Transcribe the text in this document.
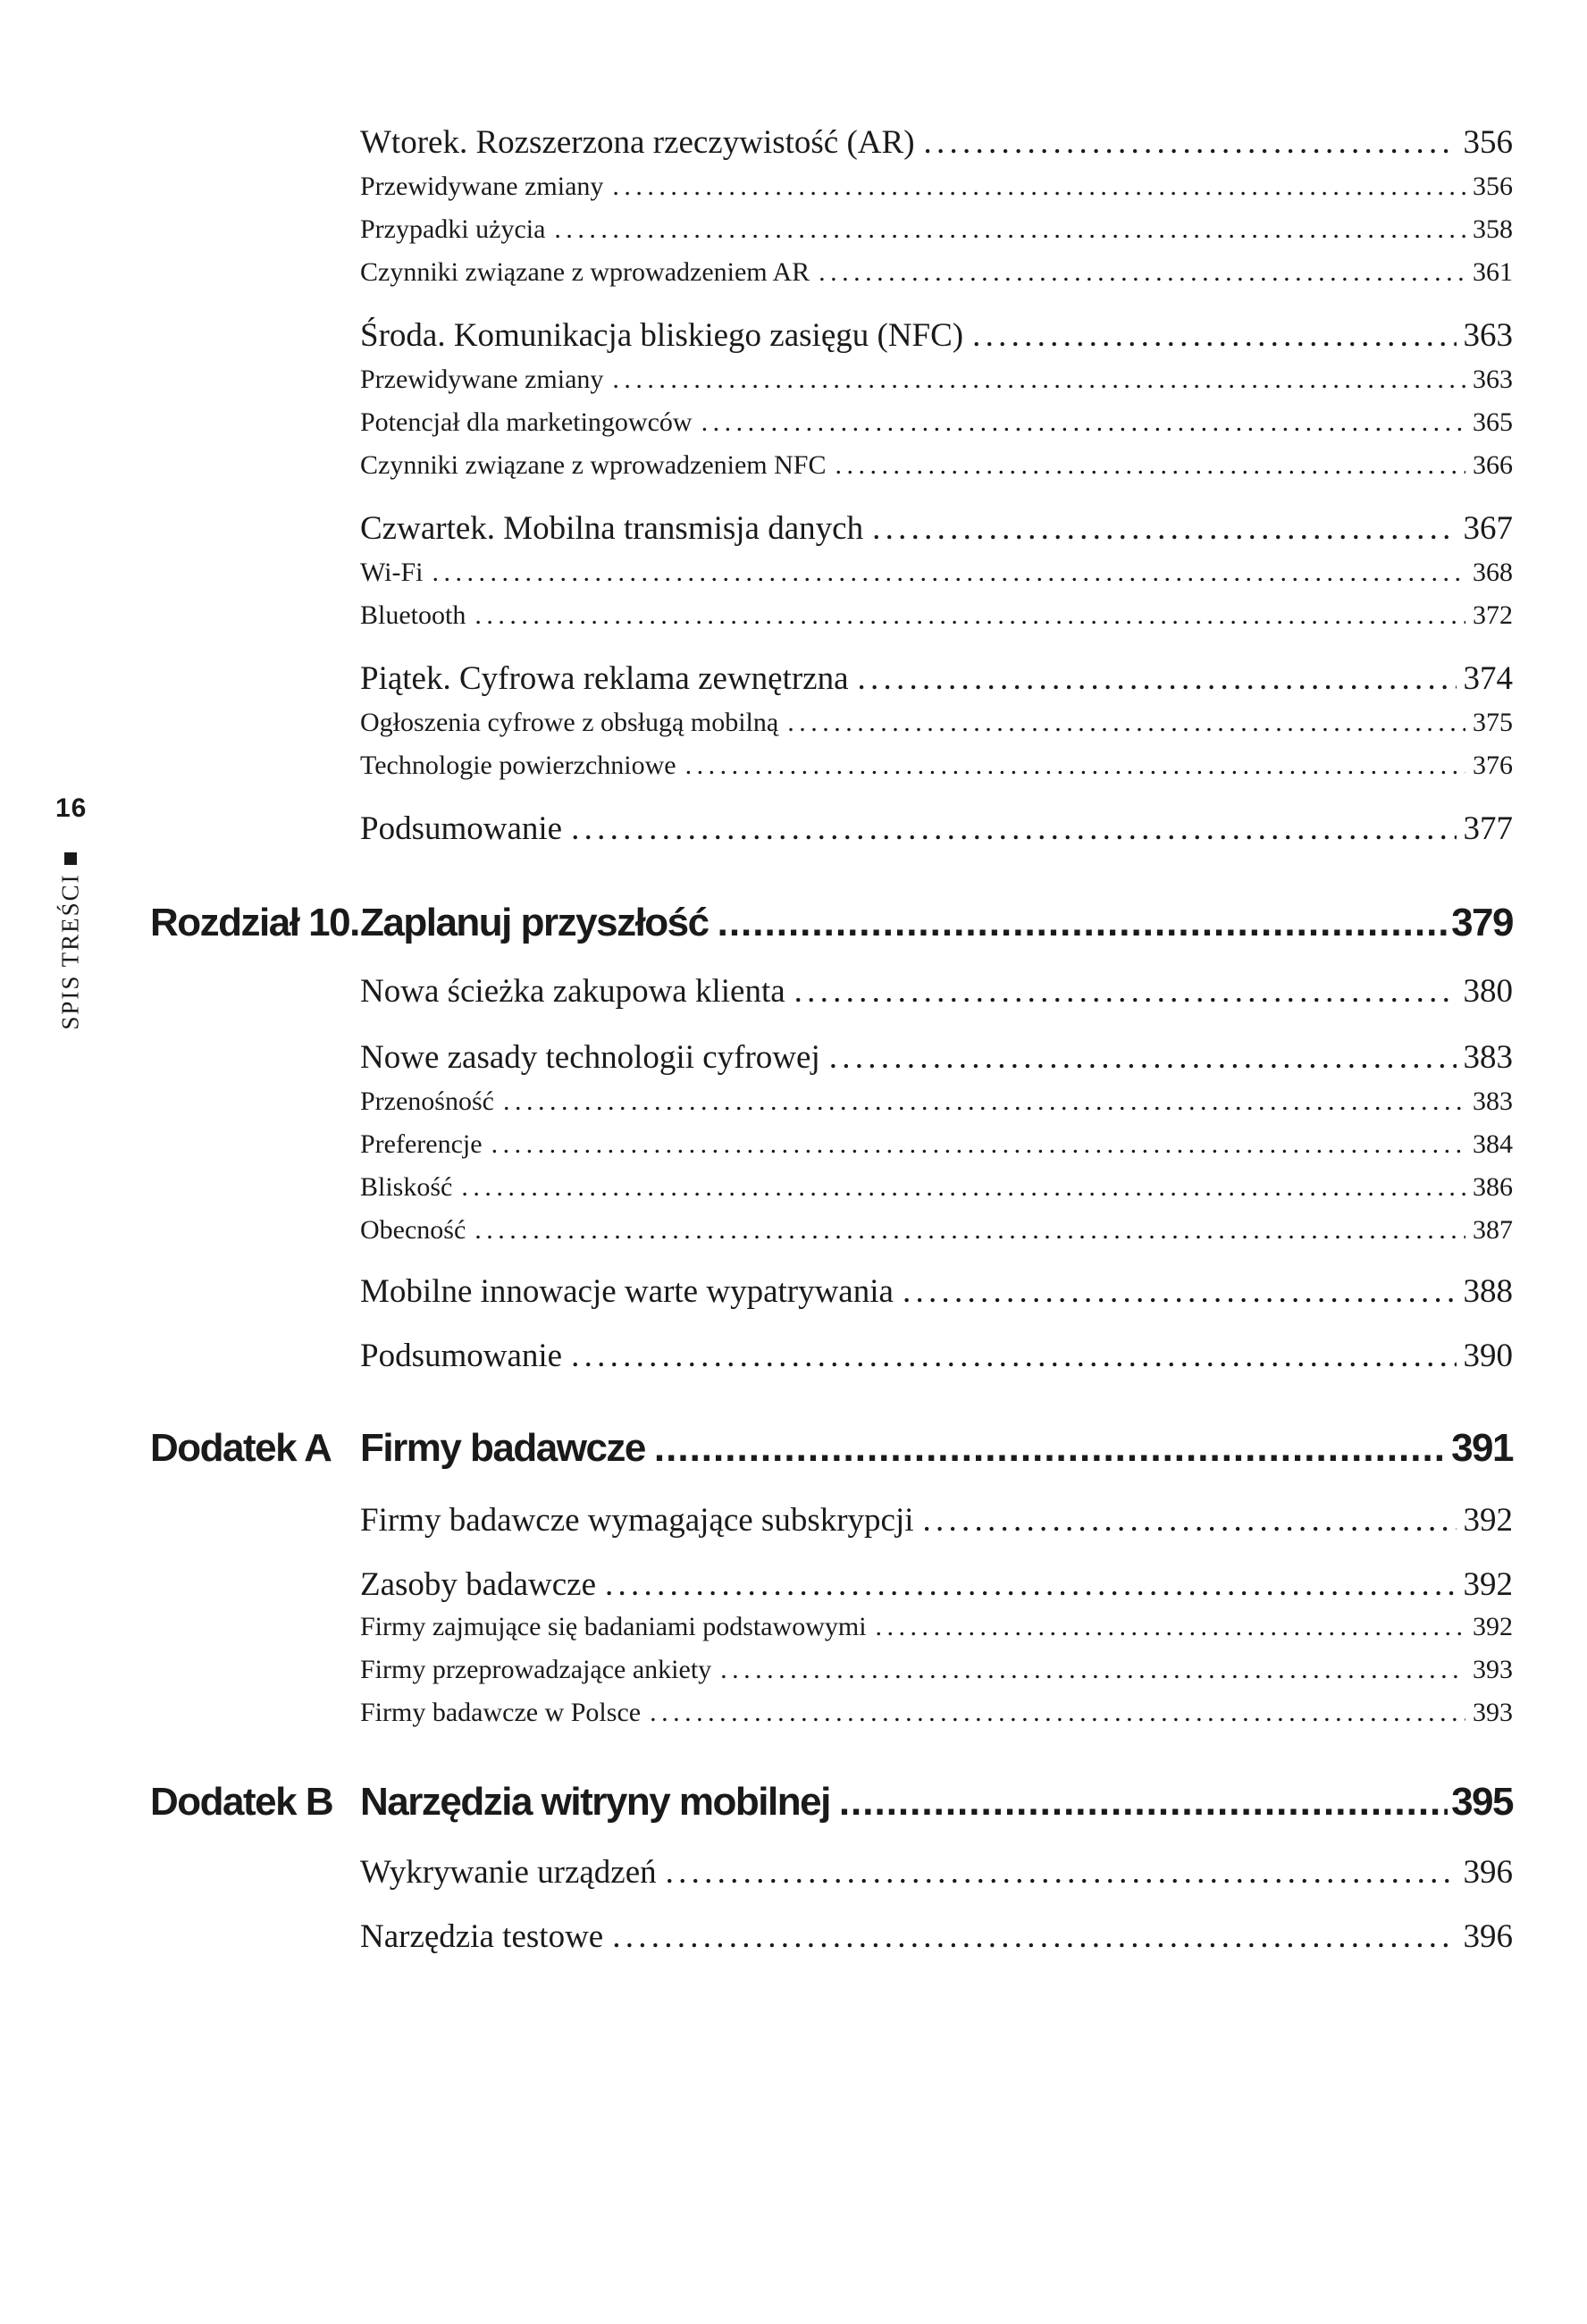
16
SPIS TREŚCI
Wtorek. Rozszerzona rzeczywistość (AR) . . .	356
Przewidywane zmiany . . .	356
Przypadki użycia . . .	358
Czynniki związane z wprowadzeniem AR . . .	361
Środa. Komunikacja bliskiego zasięgu (NFC) . . .	363
Przewidywane zmiany . . .	363
Potencjał dla marketingowców . . .	365
Czynniki związane z wprowadzeniem NFC . . .	366
Czwartek. Mobilna transmisja danych . . .	367
Wi-Fi . . .	368
Bluetooth . . .	372
Piątek. Cyfrowa reklama zewnętrzna . . .	374
Ogłoszenia cyfrowe z obsługą mobilną . . .	375
Technologie powierzchniowe . . .	376
Podsumowanie . . .	377
Rozdział 10. Zaplanuj przyszłość .....	379
Nowa ścieżka zakupowa klienta . . .	380
Nowe zasady technologii cyfrowej . . .	383
Przenośność . . .	383
Preferencje . . .	384
Bliskość . . .	386
Obecność . . .	387
Mobilne innowacje warte wypatrywania . . .	388
Podsumowanie . . .	390
Dodatek A Firmy badawcze .....	391
Firmy badawcze wymagające subskrypcji . . .	392
Zasoby badawcze . . .	392
Firmy zajmujące się badaniami podstawowymi . . .	392
Firmy przeprowadzające ankiety . . .	393
Firmy badawcze w Polsce . . .	393
Dodatek B Narzędzia witryny mobilnej .....	395
Wykrywanie urządzeń . . .	396
Narzędzia testowe . . .	396
